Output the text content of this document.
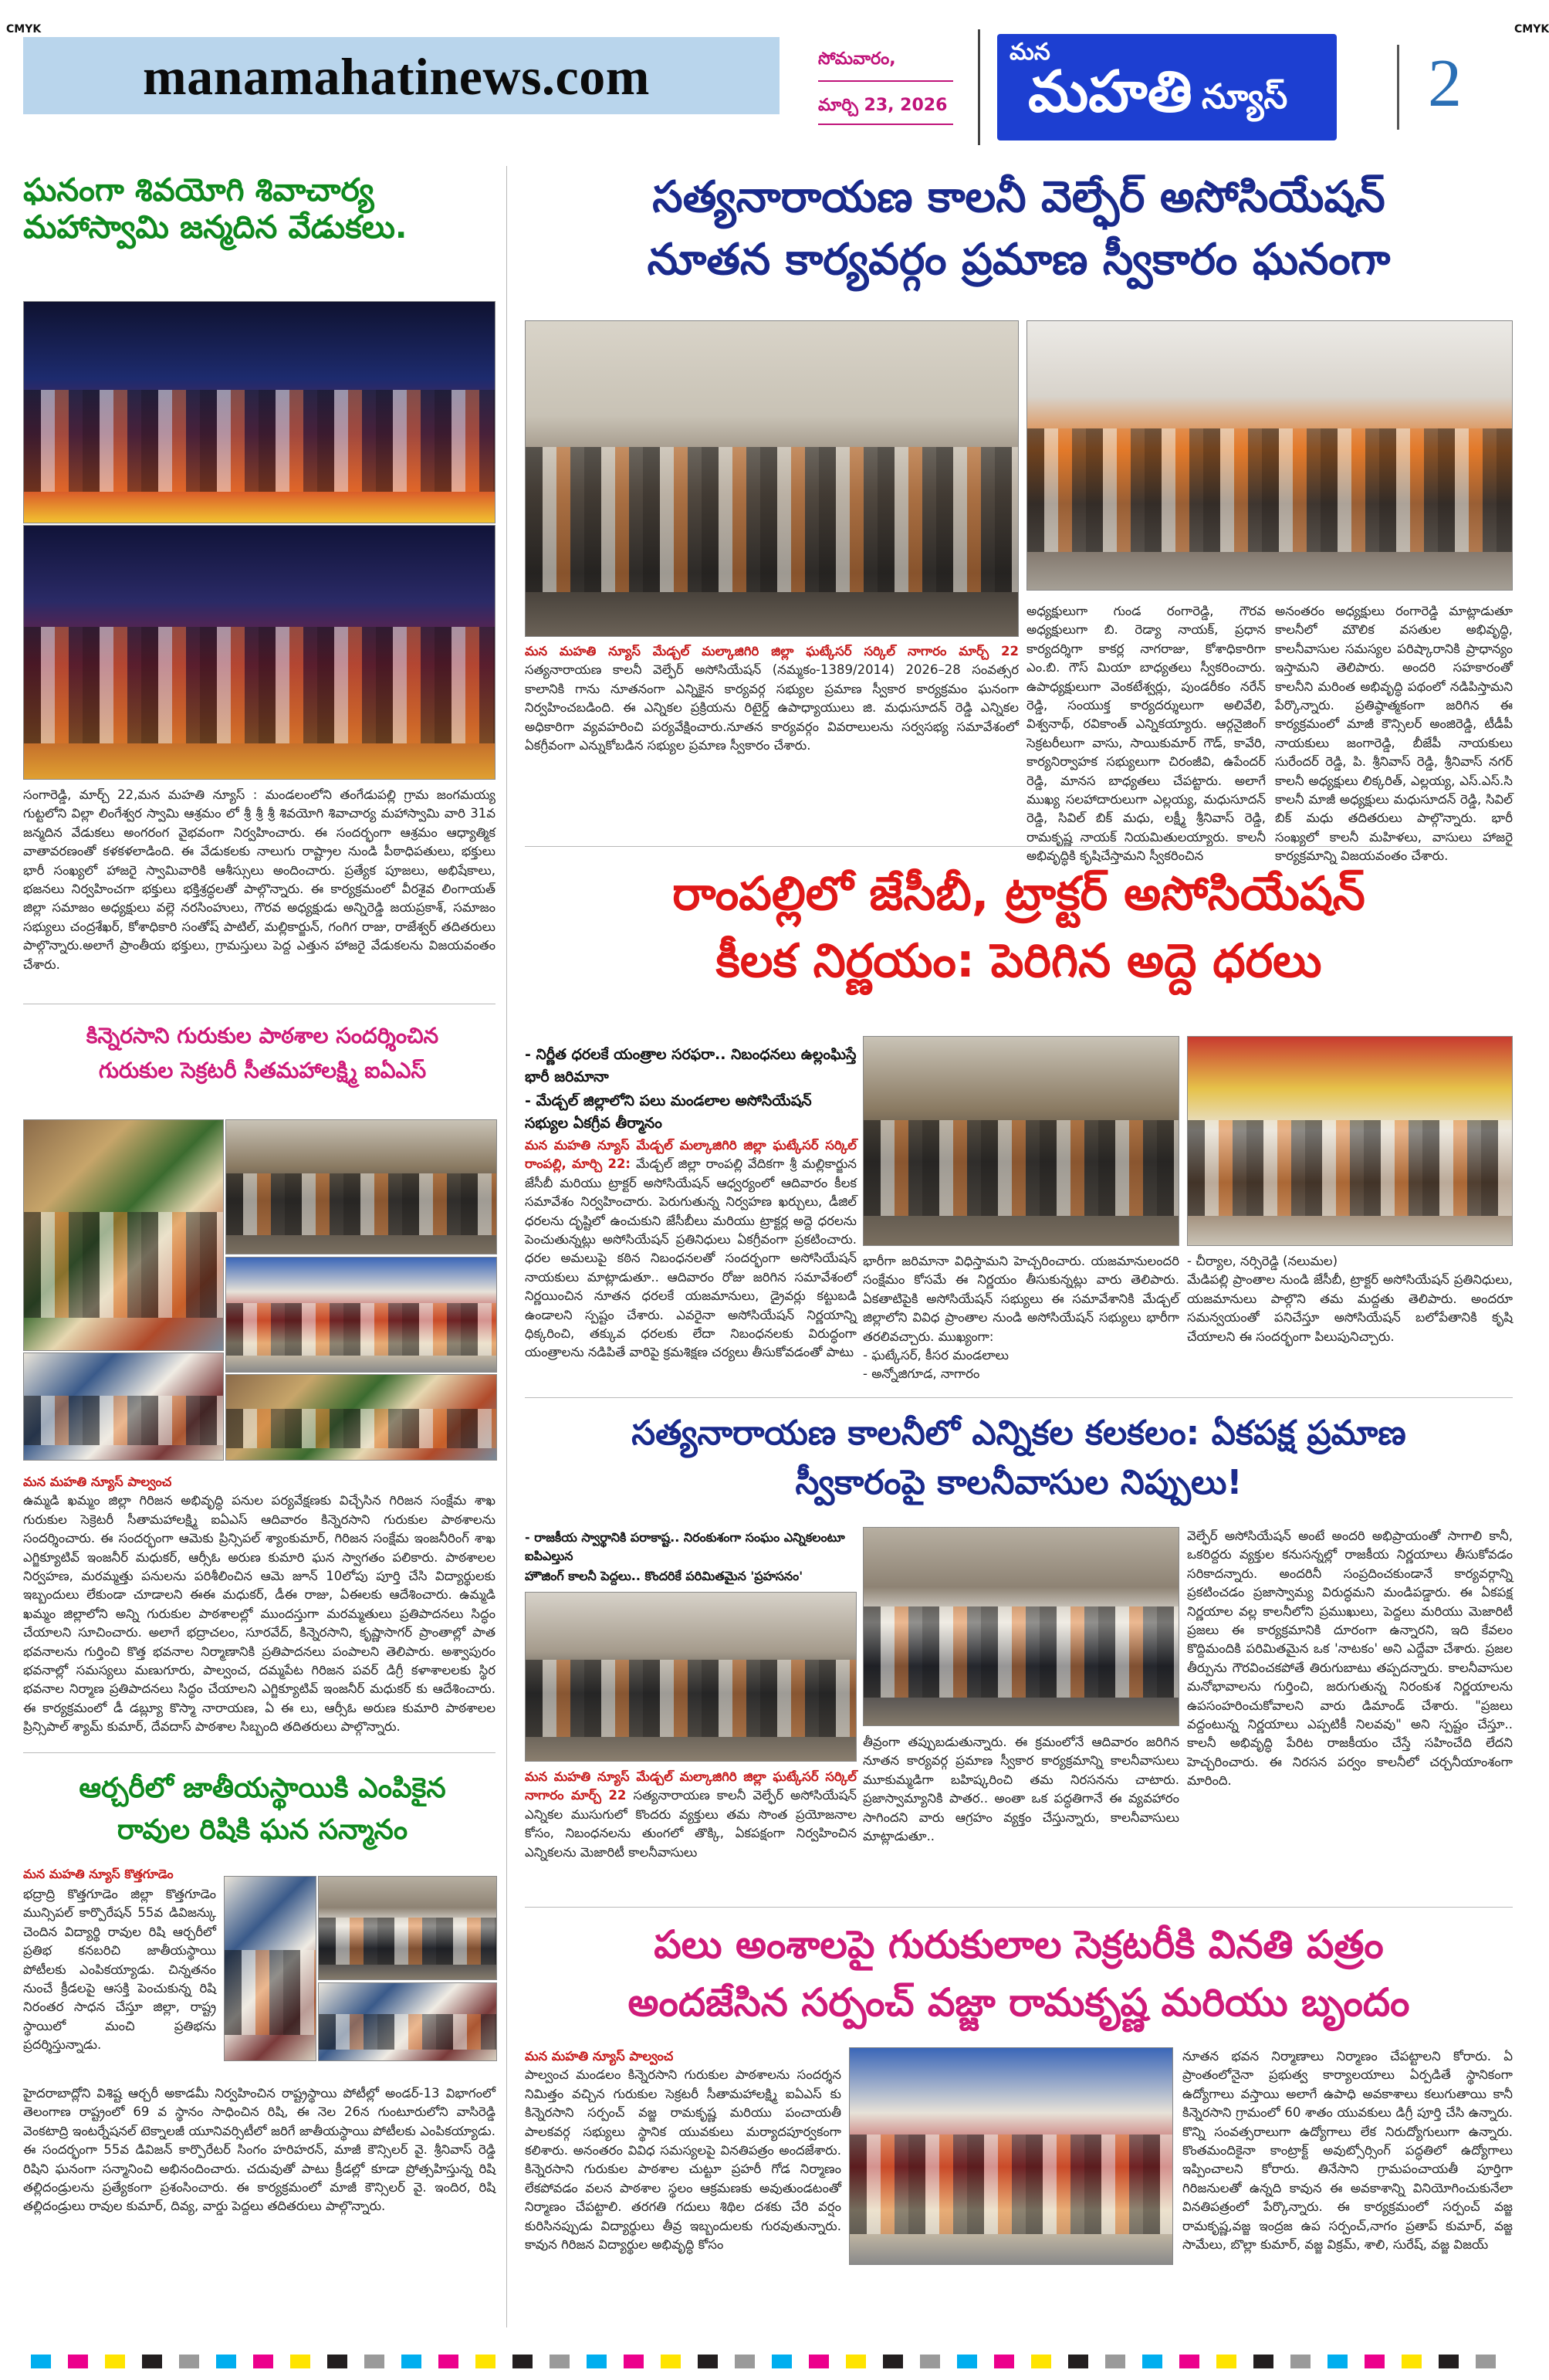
CMYK	CMYK
manamahatinews.com	సోమవారం,
మార్చి 23, 2026
మన
మహతి న్యూస్ 2
ఘనంగా శివయోగి శివాచార్య మహాస్వామి జన్మదిన వేడుకలు.
సంగారెడ్డి, మార్చ్ 22,మన మహతి న్యూస్ : మండలంలోని తంగేడుపల్లి గ్రామ జంగమయ్య గుట్టలోని విల్లా లింగేశ్వర స్వామి ఆశ్రమం లో శ్రీ శ్రీ శ్రీ శివయోగి శివాచార్య మహాస్వామి వారి 31వ జన్మదిన వేడుకలు అంగరంగ వైభవంగా నిర్వహించారు. ఈ సందర్భంగా ఆశ్రమం ఆధ్యాత్మిక వాతావరణంతో కళకళలాడింది. ఈ వేడుకలకు నాలుగు రాష్ట్రాల నుండి పీఠాధిపతులు, భక్తులు భారీ సంఖ్యలో హాజరై స్వామివారికి ఆశీస్సులు అందించారు. ప్రత్యేక పూజలు, అభిషేకాలు, భజనలు నిర్వహించగా భక్తులు భక్తిశ్రద్ధలతో పాల్గొన్నారు. ఈ కార్యక్రమంలో వీరశైవ లింగాయత్ జిల్లా సమాజం అధ్యక్షులు వల్లె నరసింహులు, గౌరవ అధ్యక్షుడు అన్నిరెడ్డి జయప్రకాశ్, సమాజం సభ్యులు చంద్రశేఖర్, కోశాధికారి సంతోష్ పాటిల్, మల్లికార్జున్, గంగిగ రాజు, రాజేశ్వర్ తదితరులు పాల్గొన్నారు.అలాగే ప్రాంతీయ భక్తులు, గ్రామస్తులు పెద్ద ఎత్తున హాజరై వేడుకలను విజయవంతం చేశారు.
కిన్నెరసాని గురుకుల పాఠశాల సందర్శించిన గురుకుల సెక్రటరీ సీతమహాలక్ష్మి ఐఏఎస్
మన మహతి న్యూస్ పాల్వంచ
ఉమ్మడి ఖమ్మం జిల్లా గిరిజన అభివృద్ధి పనుల పర్యవేక్షణకు విచ్చేసిన గిరిజన సంక్షేమ శాఖ గురుకుల సెక్రెటరీ సీతామహాలక్ష్మి ఐఏఎస్ ఆదివారం కిన్నెరసాని గురుకుల పాఠశాలను సందర్శించారు. ఈ సందర్భంగా ఆమెకు ప్రిన్సిపల్ శ్యాంకుమార్, గిరిజన సంక్షేమ ఇంజనీరింగ్ శాఖ ఎగ్జిక్యూటివ్ ఇంజనీర్ మధుకర్, ఆర్సీఓ అరుణ కుమారి ఘన స్వాగతం పలికారు. పాఠశాలల నిర్వహణ, మరమ్మత్తు పనులను పరిశీలించిన ఆమె జూన్ 10లోపు పూర్తి చేసి విద్యార్థులకు ఇబ్బందులు లేకుండా చూడాలని ఈఈ మధుకర్, డీఈ రాజు, ఏఈలకు ఆదేశించారు. ఉమ్మడి ఖమ్మం జిల్లాలోని అన్ని గురుకుల పాఠశాలల్లో ముందస్తుగా మరమ్మతులు ప్రతిపాదనలు సిద్ధం చేయాలని సూచించారు. అలాగే భద్రాచలం, సూరవేద్, కిన్నెరసాని, కృష్ణాసాగర్ ప్రాంతాల్లో పాత భవనాలను గుర్తించి కొత్త భవనాల నిర్మాణానికి ప్రతిపాదనలు పంపాలని తెలిపారు. అశ్వాపురం భవనాల్లో సమస్యలు మణుగూరు, పాల్వంచ, దమ్మపేట గిరిజన పవర్ డిగ్రీ కళాశాలలకు స్థిర భవనాల నిర్మాణ ప్రతిపాదనలు సిద్ధం చేయాలని ఎగ్జిక్యూటివ్ ఇంజనీర్ మధుకర్ కు ఆదేశించారు. ఈ కార్యక్రమంలో డీ డబ్ల్యూ కొస్మా నారాయణ, ఏ ఈ లు, ఆర్సీఓ అరుణ కుమారి పాఠశాలల ప్రిన్సిపాల్ శ్యామ్ కుమార్, దేవదాస్ పాఠశాల సిబ్బంది తదితరులు పాల్గొన్నారు.
ఆర్చరీలో జాతీయస్థాయికి ఎంపికైన రావుల రిషికి ఘన సన్మానం
మన మహతి న్యూస్ కొత్తగూడెం
భద్రాద్రి కొత్తగూడెం జిల్లా కొత్తగూడెం మున్సిపల్ కార్పొరేషన్ 55వ డివిజన్కు చెందిన విద్యార్థి రావుల రిషి ఆర్చరీలో ప్రతిభ కనబరిచి జాతీయస్థాయి పోటీలకు ఎంపికయ్యాడు. చిన్నతనం నుంచే క్రీడలపై ఆసక్తి పెంచుకున్న రిషి నిరంతర సాధన చేస్తూ జిల్లా, రాష్ట్ర స్థాయిలో మంచి ప్రతిభను ప్రదర్శిస్తున్నాడు.
హైదరాబాద్లోని విశిష్ట ఆర్చరీ అకాడమీ నిర్వహించిన రాష్ట్రస్థాయి పోటీల్లో అండర్-13 విభాగంలో తెలంగాణ రాష్ట్రంలో 69 వ స్థానం సాధించిన రిషి, ఈ నెల 26న గుంటూరులోని వాసిరెడ్డి వెంకటాద్రి ఇంటర్నేషనల్ టెక్నాలజీ యూనివర్సిటీలో జరిగే జాతీయస్థాయి పోటీలకు ఎంపికయ్యాడు. ఈ సందర్భంగా 55వ డివిజన్ కార్పొరేటర్ సింగం హరిహరన్, మాజీ కౌన్సిలర్ వై. శ్రీనివాస్ రెడ్డి రిషిని ఘనంగా సన్మానించి అభినందించారు. చదువుతో పాటు క్రీడల్లో కూడా ప్రోత్సహిస్తున్న రిషి తల్లిదండ్రులను ప్రత్యేకంగా ప్రశంసించారు. ఈ కార్యక్రమంలో మాజీ కౌన్సిలర్ వై. ఇందిర, రిషి తల్లిదండ్రులు రావుల కుమార్, దివ్య, వార్డు పెద్దలు తదితరులు పాల్గొన్నారు.
సత్యనారాయణ కాలనీ వెల్ఫేర్ అసోసియేషన్
నూతన కార్యవర్గం ప్రమాణ స్వీకారం ఘనంగా
మన మహతి న్యూస్ మేడ్చల్ మల్కాజిగిరి జిల్లా ఘట్కేసర్ సర్కిల్ నాగారం మార్చ్ 22 సత్యనారాయణ కాలనీ వెల్ఫేర్ అసోసియేషన్ (నమ్మకం-1389/2014) 2026–28 సంవత్సర కాలానికి గాను నూతనంగా ఎన్నికైన కార్యవర్గ సభ్యుల ప్రమాణ స్వీకార కార్యక్రమం ఘనంగా నిర్వహించబడింది. ఈ ఎన్నికల ప్రక్రియను రిటైర్డ్ ఉపాధ్యాయులు జి. మధుసూదన్ రెడ్డి ఎన్నికల అధికారిగా వ్యవహరించి పర్యవేక్షించారు.నూతన కార్యవర్గం వివరాలులను సర్వసభ్య సమావేశంలో ఏకగ్రీవంగా ఎన్నుకోబడిన సభ్యుల ప్రమాణ స్వీకారం చేశారు.
అధ్యక్షులుగా గుండ రంగారెడ్డి, గౌరవ అధ్యక్షులుగా బి. రెడ్యా నాయక్, ప్రధాన కార్యదర్శిగా కాకర్ల నాగరాజు, కోశాధికారిగా ఎం.బి. గౌస్ మియా బాధ్యతలు స్వీకరించారు. ఉపాధ్యక్షులుగా వెంకటేశ్వర్లు, పుండరీకం నరేన్ రెడ్డి, సంయుక్త కార్యదర్శులుగా అలివేలి, విశ్వనాథ్, రవికాంత్ ఎన్నికయ్యారు. ఆర్గనైజింగ్ సెక్రటరీలుగా వాసు, సాయికుమార్ గౌడ్, కావేరి, కార్యనిర్వాహక సభ్యులుగా చిరంజీవి, ఉపేందర్ రెడ్డి, మానస బాధ్యతలు చేపట్టారు. అలాగే ముఖ్య సలహాదారులుగా ఎల్లయ్య, మధుసూదన్ రెడ్డి, సివిల్ బిక్ మధు, లక్ష్మీ శ్రీనివాస్ రెడ్డి, రామకృష్ణ నాయక్ నియమితులయ్యారు. కాలనీ అభివృద్ధికి కృషిచేస్తామని స్వీకరించిన
అనంతరం అధ్యక్షులు రంగారెడ్డి మాట్లాడుతూ కాలనీలో మౌలిక వసతుల అభివృద్ధి, కాలనీవాసుల సమస్యల పరిష్కారానికి ప్రాధాన్యం ఇస్తామని తెలిపారు. అందరి సహకారంతో కాలనీని మరింత అభివృద్ధి పథంలో నడిపిస్తామని పేర్కొన్నారు. ప్రతిష్ఠాత్మకంగా జరిగిన ఈ కార్యక్రమంలో మాజీ కౌన్సిలర్ అంజిరెడ్డి, టీడీపీ నాయకులు జంగారెడ్డి, బీజేపీ నాయకులు సురేందర్ రెడ్డి, పి. శ్రీనివాస్ రెడ్డి, శ్రీనివాస్ నగర్ కాలనీ అధ్యక్షులు లిక్కరిత్, ఎల్లయ్య, ఎస్.ఎస్.సి కాలనీ మాజీ అధ్యక్షులు మధుసూదన్ రెడ్డి, సివిల్ బిక్ మధు తదితరులు పాల్గొన్నారు. భారీ సంఖ్యలో కాలనీ మహిళలు, వాసులు హాజరై కార్యక్రమాన్ని విజయవంతం చేశారు.
రాంపల్లిలో జేసీబీ, ట్రాక్టర్ అసోసియేషన్
కీలక నిర్ణయం: పెరిగిన అద్దె ధరలు
- నిర్ణీత ధరలకే యంత్రాల సరఫరా.. నిబంధనలు ఉల్లంఘిస్తే భారీ జరిమానా
- మేడ్చల్ జిల్లాలోని పలు మండలాల అసోసియేషన్ సభ్యుల ఏకగ్రీవ తీర్మానం
మన మహతి న్యూస్ మేడ్చల్ మల్కాజిగిరి జిల్లా ఘట్కేసర్ సర్కిల్ రాంపల్లి, మార్చి 22: మేడ్చల్ జిల్లా రాంపల్లి వేదికగా శ్రీ మల్లికార్జున జేసీబీ మరియు ట్రాక్టర్ అసోసియేషన్ ఆధ్వర్యంలో ఆదివారం కీలక సమావేశం నిర్వహించారు. పెరుగుతున్న నిర్వహణ ఖర్చులు, డీజిల్ ధరలను దృష్టిలో ఉంచుకుని జేసీబీలు మరియు ట్రాక్టర్ల అద్దె ధరలను పెంచుతున్నట్లు అసోసియేషన్ ప్రతినిధులు ఏకగ్రీవంగా ప్రకటించారు. ధరల అమలుపై కఠిన నిబంధనలతో సందర్భంగా అసోసియేషన్ నాయకులు మాట్లాడుతూ.. ఆదివారం రోజు జరిగిన సమావేశంలో నిర్ణయించిన నూతన ధరలకే యజమానులు, డ్రైవర్లు కట్టుబడి ఉండాలని స్పష్టం చేశారు. ఎవరైనా అసోసియేషన్ నిర్ణయాన్ని ధిక్కరించి, తక్కువ ధరలకు లేదా నిబంధనలకు విరుద్ధంగా యంత్రాలను నడిపితే వారిపై క్రమశిక్షణ చర్యలు తీసుకోవడంతో పాటు
భారీగా జరిమానా విధిస్తామని హెచ్చరించారు. యజమానులందరి సంక్షేమం కోసమే ఈ నిర్ణయం తీసుకున్నట్లు వారు తెలిపారు. ఏకతాటిపైకి అసోసియేషన్ సభ్యులు ఈ సమావేశానికి మేడ్చల్ జిల్లాలోని వివిధ ప్రాంతాల నుండి అసోసియేషన్ సభ్యులు భారీగా తరలివచ్చారు. ముఖ్యంగా:
- ఘట్కేసర్, కీసర మండలాలు
- అన్నోజిగూడ, నాగారం
- చీర్యాల, నర్సిరెడ్డి (నలుమల)
మేడిపల్లి ప్రాంతాల నుండి జేసీబీ, ట్రాక్టర్ అసోసియేషన్ ప్రతినిధులు, యజమానులు పాల్గొని తమ మద్దతు తెలిపారు. అందరూ సమన్వయంతో పనిచేస్తూ అసోసియేషన్ బలోపేతానికి కృషి చేయాలని ఈ సందర్భంగా పిలుపునిచ్చారు.
సత్యనారాయణ కాలనీలో ఎన్నికల కలకలం: ఏకపక్ష ప్రమాణ
స్వీకారంపై కాలనీవాసుల నిప్పులు!
- రాజకీయ స్వార్థానికి పరాకాష్ట.. నిరంకుశంగా సంఘం ఎన్నికలంటూ ఐపిఎల్తున
హౌజింగ్ కాలనీ పెద్దలు.. కొందరికే పరిమితమైన 'ప్రహసనం'
మన మహతి న్యూస్ మేడ్చల్ మల్కాజిగిరి జిల్లా ఘట్కేసర్ సర్కిల్ నాగారం మార్చ్ 22 సత్యనారాయణ కాలనీ వెల్ఫేర్ అసోసియేషన్ ఎన్నికల ముసుగులో కొందరు వ్యక్తులు తమ సొంత ప్రయోజనాల కోసం, నిబంధనలను తుంగలో తొక్కి, ఏకపక్షంగా నిర్వహించిన ఎన్నికలను మెజారిటీ కాలనీవాసులు
తీవ్రంగా తప్పుబడుతున్నారు. ఈ క్రమంలోనే ఆదివారం జరిగిన నూతన కార్యవర్గ ప్రమాణ స్వీకార కార్యక్రమాన్ని కాలనీవాసులు మూకుమ్మడిగా బహిష్కరించి తమ నిరసనను చాటారు. ప్రజాస్వామ్యానికి పాతర.. అంతా ఒక పద్ధతిగానే ఈ వ్యవహారం సాగిందని వారు ఆగ్రహం వ్యక్తం చేస్తున్నారు, కాలనీవాసులు మాట్లాడుతూ..
వెల్ఫేర్ అసోసియేషన్ అంటే అందరి అభిప్రాయంతో సాగాలి కానీ, ఒకరిద్దరు వ్యక్తుల కనుసన్నల్లో రాజకీయ నిర్ణయాలు తీసుకోవడం సరికాదన్నారు. అందరినీ సంప్రదించకుండానే కార్యవర్గాన్ని ప్రకటించడం ప్రజాస్వామ్య విరుద్ధమని మండిపడ్డారు. ఈ ఏకపక్ష నిర్ణయాల వల్ల కాలనీలోని ప్రముఖులు, పెద్దలు మరియు మెజారిటీ ప్రజలు ఈ కార్యక్రమానికి దూరంగా ఉన్నారని, ఇది కేవలం కొద్దిమందికి పరిమితమైన ఒక 'నాటకం' అని ఎద్దేవా చేశారు. ప్రజల తీర్పును గౌరవించకపోతే తిరుగుబాటు తప్పదన్నారు. కాలనీవాసుల మనోభావాలను గుర్తించి, జరుగుతున్న నిరంకుశ నిర్ణయాలను ఉపసంహరించుకోవాలని వారు డిమాండ్ చేశారు. "ప్రజలు వద్దంటున్న నిర్ణయాలు ఎప్పటికీ నిలవవు" అని స్పష్టం చేస్తూ.. కాలనీ అభివృద్ధి పేరిట రాజకీయం చేస్తే సహించేది లేదని హెచ్చరించారు. ఈ నిరసన పర్వం కాలనీలో చర్చనీయాంశంగా మారింది.
పలు అంశాలపై గురుకులాల సెక్రటరీకి వినతి పత్రం
అందజేసిన సర్పంచ్ వజ్జా రామకృష్ణ మరియు బృందం
మన మహతి న్యూస్ పాల్వంచ
పాల్వంచ మండలం కిన్నెరసాని గురుకుల పాఠశాలను సందర్శన నిమిత్తం వచ్చిన గురుకుల సెక్రటరీ సీతామహాలక్ష్మి ఐఏఎస్ కు కిన్నెరసాని సర్పంచ్ వజ్జ రామకృష్ణ మరియు పంచాయతీ పాలకవర్గ సభ్యులు స్థానిక యువకులు మర్యాదపూర్వకంగా కలిశారు. అనంతరం వివిధ సమస్యలపై వినతిపత్రం అందజేశారు. కిన్నెరసాని గురుకుల పాఠశాల చుట్టూ ప్రహరీ గోడ నిర్మాణం లేకపోవడం వలన పాఠశాల స్థలం ఆక్రమణకు అవుతుండటంతో నిర్మాణం చేపట్టాలి. తరగతి గదులు శిథిల దశకు చేరి వర్షం కురిసినప్పుడు విద్యార్థులు తీవ్ర ఇబ్బందులకు గురవుతున్నారు. కావున గిరిజన విద్యార్థుల అభివృద్ధి కోసం
నూతన భవన నిర్మాణాలు నిర్మాణం చేపట్టాలని కోరారు. ఏ ప్రాంతంలోనైనా ప్రభుత్వ కార్యాలయాలు ఏర్పడితే స్థానికంగా ఉద్యోగాలు వస్తాయి అలాగే ఉపాధి అవకాశాలు కలుగుతాయి కానీ కిన్నెరసాని గ్రామంలో 60 శాతం యువకులు డిగ్రీ పూర్తి చేసి ఉన్నారు. కొన్ని సంవత్సరాలుగా ఉద్యోగాలు లేక నిరుద్యోగులుగా ఉన్నారు. కొంతమందికైనా కాంట్రాక్ట్ అవుట్సోర్సింగ్ పద్ధతిలో ఉద్యోగాలు ఇప్పించాలని కోరారు. తినేసాని గ్రామపంచాయతీ పూర్తిగా గిరిజనులతో ఉన్నది కావున ఈ అవకాశాన్ని వినియోగించుకునేలా వినతిపత్రంలో పేర్కొన్నారు. ఈ కార్యక్రమంలో సర్పంచ్ వజ్జ రామకృష్ణ,వజ్జ ఇంద్రజ ఉప సర్పంచ్,నాగం ప్రతాప్ కుమార్, వజ్జ సామేలు, బొల్లా కుమార్, వజ్జ విక్రమ్, శాలి, సురేష్, వజ్జ విజయ్
